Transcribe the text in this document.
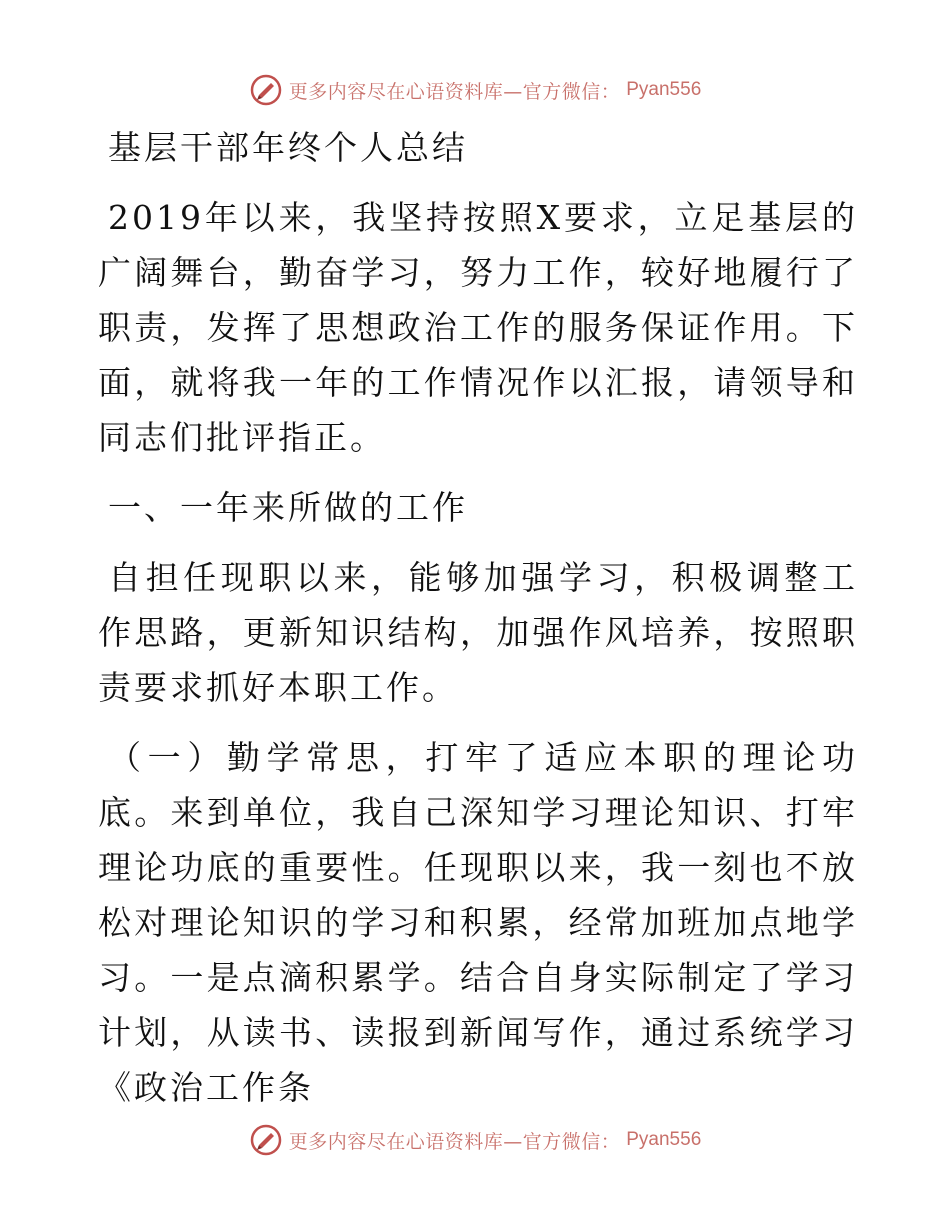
更多内容尽在心语资料库—官方微信： Pyan556
基层干部年终个人总结

2019年以来，我坚持按照X要求，立足基层的广阔舞台，勤奋学习，努力工作，较好地履行了职责，发挥了思想政治工作的服务保证作用。下面，就将我一年的工作情况作以汇报，请领导和同志们批评指正。

一、一年来所做的工作

自担任现职以来，能够加强学习，积极调整工作思路，更新知识结构，加强作风培养，按照职责要求抓好本职工作。

（一）勤学常思，打牢了适应本职的理论功底。来到单位，我自己深知学习理论知识、打牢理论功底的重要性。任现职以来，我一刻也不放松对理论知识的学习和积累，经常加班加点地学习。一是点滴积累学。结合自身实际制定了学习计划，从读书、读报到新闻写作，通过系统学习《政治工作条

更多内容尽在心语资料库—官方微信： Pyan556
